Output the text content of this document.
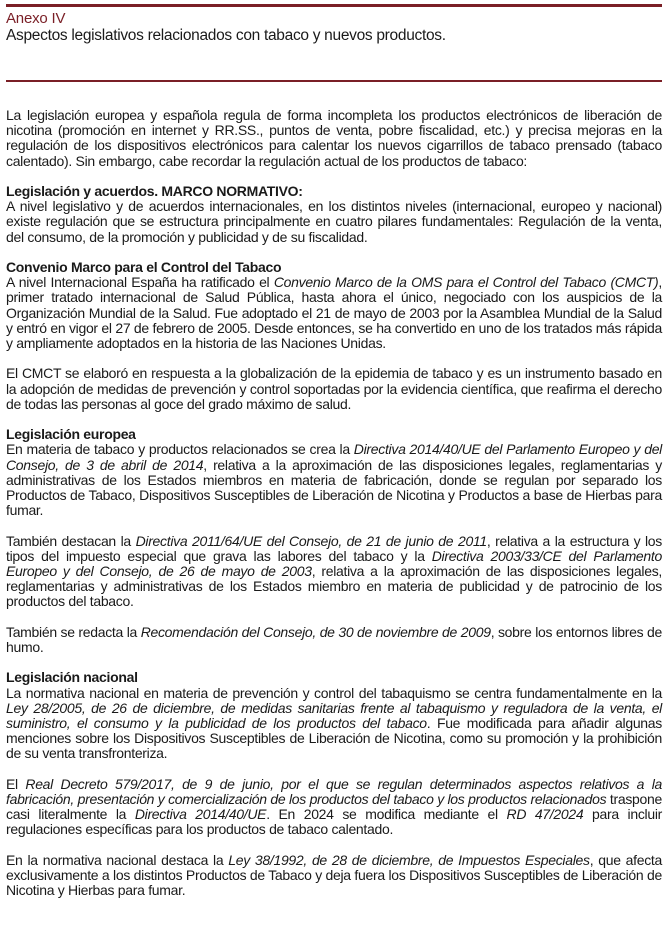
Anexo IV
Aspectos legislativos relacionados con tabaco y nuevos productos.

La legislación europea y española regula de forma incompleta los productos electrónicos de liberación de nicotina (promoción en internet y RR.SS., puntos de venta, pobre fiscalidad, etc.) y precisa mejoras en la regulación de los dispositivos electrónicos para calentar los nuevos cigarrillos de tabaco prensado (tabaco calentado). Sin embargo, cabe recordar la regulación actual de los productos de tabaco:

Legislación y acuerdos. MARCO NORMATIVO:

A nivel legislativo y de acuerdos internacionales, en los distintos niveles (internacional, europeo y nacional) existe regulación que se estructura principalmente en cuatro pilares fundamentales: Regulación de la venta, del consumo, de la promoción y publicidad y de su fiscalidad.

Convenio Marco para el Control del Tabaco

A nivel Internacional España ha ratificado el Convenio Marco de la OMS para el Control del Tabaco (CMCT), primer tratado internacional de Salud Pública, hasta ahora el único, negociado con los auspicios de la Organización Mundial de la Salud. Fue adoptado el 21 de mayo de 2003 por la Asamblea Mundial de la Salud y entró en vigor el 27 de febrero de 2005. Desde entonces, se ha convertido en uno de los tratados más rápida y ampliamente adoptados en la historia de las Naciones Unidas.

El CMCT se elaboró en respuesta a la globalización de la epidemia de tabaco y es un instrumento basado en la adopción de medidas de prevención y control soportadas por la evidencia científica, que reafirma el derecho de todas las personas al goce del grado máximo de salud.

Legislación europea

En materia de tabaco y productos relacionados se crea la Directiva 2014/40/UE del Parlamento Europeo y del Consejo, de 3 de abril de 2014, relativa a la aproximación de las disposiciones legales, reglamentarias y administrativas de los Estados miembros en materia de fabricación, donde se regulan por separado los Productos de Tabaco, Dispositivos Susceptibles de Liberación de Nicotina y Productos a base de Hierbas para fumar.

También destacan la Directiva 2011/64/UE del Consejo, de 21 de junio de 2011, relativa a la estructura y los tipos del impuesto especial que grava las labores del tabaco y la Directiva 2003/33/CE del Parlamento Europeo y del Consejo, de 26 de mayo de 2003, relativa a la aproximación de las disposiciones legales, reglamentarias y administrativas de los Estados miembro en materia de publicidad y de patrocinio de los productos del tabaco.

También se redacta la Recomendación del Consejo, de 30 de noviembre de 2009, sobre los entornos libres de humo.

Legislación nacional

La normativa nacional en materia de prevención y control del tabaquismo se centra fundamentalmente en la Ley 28/2005, de 26 de diciembre, de medidas sanitarias frente al tabaquismo y reguladora de la venta, el suministro, el consumo y la publicidad de los productos del tabaco. Fue modificada para añadir algunas menciones sobre los Dispositivos Susceptibles de Liberación de Nicotina, como su promoción y la prohibición de su venta transfronteriza.

El Real Decreto 579/2017, de 9 de junio, por el que se regulan determinados aspectos relativos a la fabricación, presentación y comercialización de los productos del tabaco y los productos relacionados traspone casi literalmente la Directiva 2014/40/UE. En 2024 se modifica mediante el RD 47/2024 para incluir regulaciones específicas para los productos de tabaco calentado.

En la normativa nacional destaca la Ley 38/1992, de 28 de diciembre, de Impuestos Especiales, que afecta exclusivamente a los distintos Productos de Tabaco y deja fuera los Dispositivos Susceptibles de Liberación de Nicotina y Hierbas para fumar.
